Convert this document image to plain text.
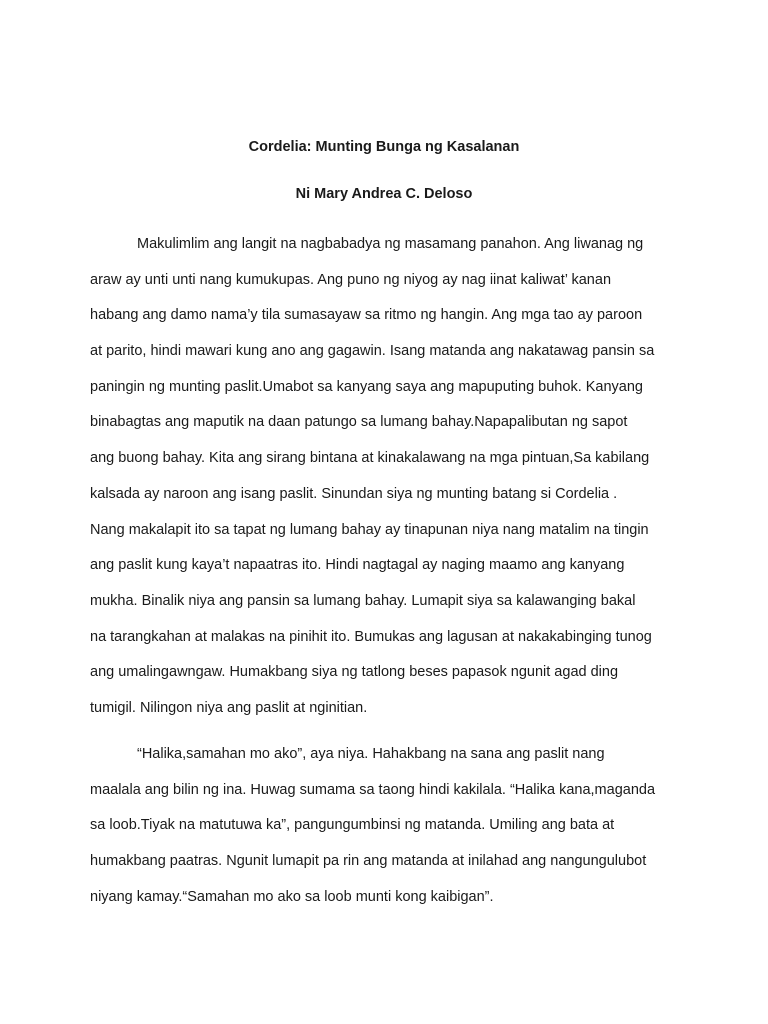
Cordelia: Munting Bunga ng Kasalanan
Ni Mary Andrea C. Deloso

Makulimlim ang langit na nagbabadya ng masamang panahon. Ang liwanag ng
araw ay unti unti nang kumukupas. Ang puno ng niyog ay nag iinat kaliwat’ kanan
habang ang damo nama’y tila sumasayaw sa ritmo ng hangin. Ang mga tao ay paroon
at parito, hindi mawari kung ano ang gagawin. Isang matanda ang nakatawag pansin sa
paningin ng munting paslit.Umabot sa kanyang saya ang mapuputing buhok. Kanyang
binabagtas ang maputik na daan patungo sa lumang bahay.Napapalibutan ng sapot
ang buong bahay. Kita ang sirang bintana at kinakalawang na mga pintuan,Sa kabilang
kalsada ay naroon ang isang paslit. Sinundan siya ng munting batang si Cordelia .
Nang makalapit ito sa tapat ng lumang bahay ay tinapunan niya nang matalim na tingin
ang paslit kung kaya’t napaatras ito. Hindi nagtagal ay naging maamo ang kanyang
mukha. Binalik niya ang pansin sa lumang bahay. Lumapit siya sa kalawanging bakal
na tarangkahan at malakas na pinihit ito. Bumukas ang lagusan at nakakabinging tunog
ang umalingawngaw. Humakbang siya ng tatlong beses papasok ngunit agad ding
tumigil. Nilingon niya ang paslit at nginitian.

“Halika,samahan mo ako”, aya niya. Hahakbang na sana ang paslit nang
maalala ang bilin ng ina. Huwag sumama sa taong hindi kakilala. “Halika kana,maganda
sa loob.Tiyak na matutuwa ka”, pangungumbinsi ng matanda. Umiling ang bata at
humakbang paatras. Ngunit lumapit pa rin ang matanda at inilahad ang nangungulubot
niyang kamay.“Samahan mo ako sa loob munti kong kaibigan”.
